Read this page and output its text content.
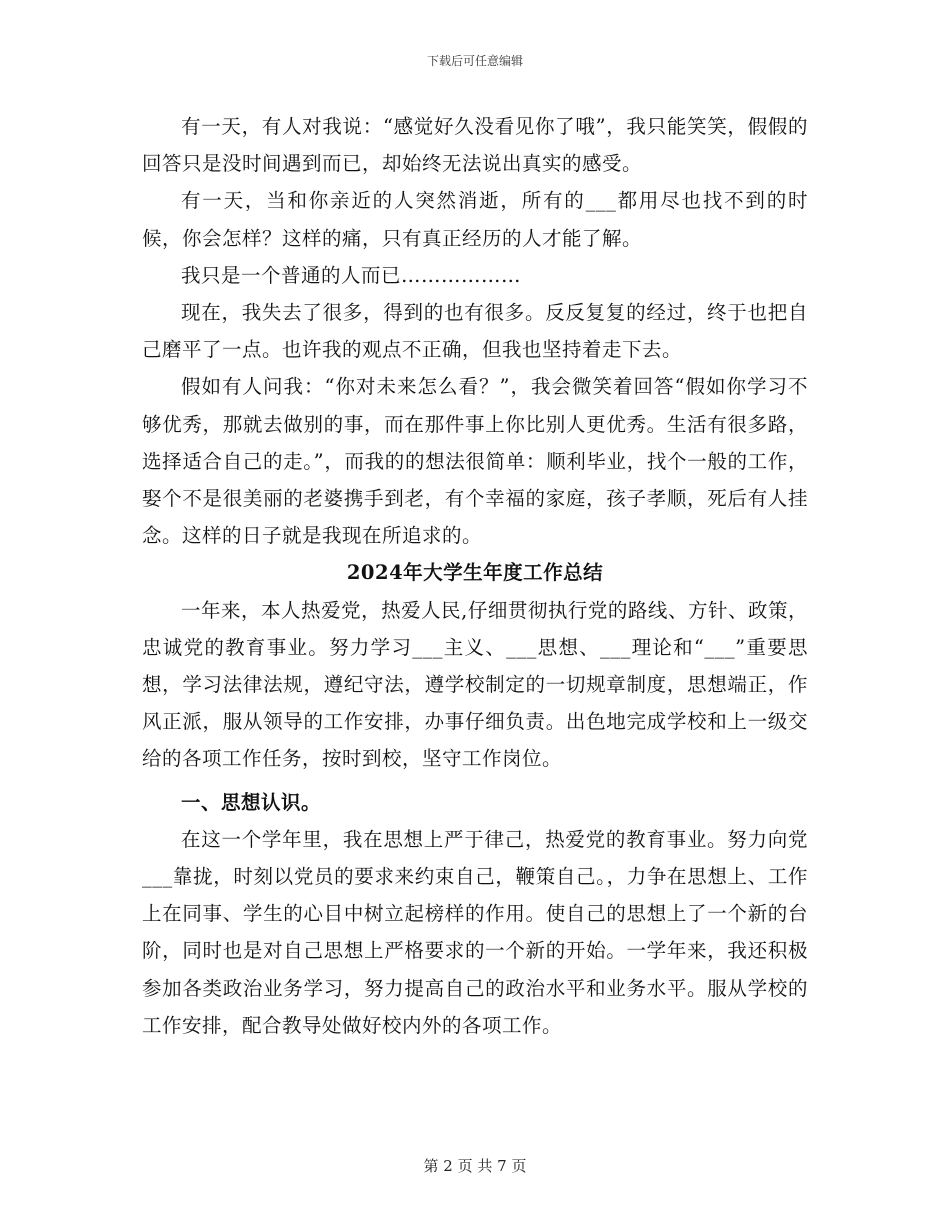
下载后可任意编辑

有一天，有人对我说：“感觉好久没看见你了哦”，我只能笑笑，假假的回答只是没时间遇到而已，却始终无法说出真实的感受。

有一天，当和你亲近的人突然消逝，所有的___都用尽也找不到的时候，你会怎样？这样的痛，只有真正经历的人才能了解。

我只是一个普通的人而已………………

现在，我失去了很多，得到的也有很多。反反复复的经过，终于也把自己磨平了一点。也许我的观点不正确，但我也坚持着走下去。

假如有人问我：“你对未来怎么看？”，我会微笑着回答“假如你学习不够优秀，那就去做别的事，而在那件事上你比别人更优秀。生活有很多路，选择适合自己的走。”，而我的的想法很简单：顺利毕业，找个一般的工作，娶个不是很美丽的老婆携手到老，有个幸福的家庭，孩子孝顺，死后有人挂念。这样的日子就是我现在所追求的。

2024年大学生年度工作总结

一年来，本人热爱党，热爱人民,仔细贯彻执行党的路线、方针、政策，忠诚党的教育事业。努力学习___主义、___思想、___理论和“___”重要思想，学习法律法规，遵纪守法，遵学校制定的一切规章制度，思想端正，作风正派，服从领导的工作安排，办事仔细负责。出色地完成学校和上一级交给的各项工作任务，按时到校，坚守工作岗位。

一、思想认识。

在这一个学年里，我在思想上严于律己，热爱党的教育事业。努力向党___靠拢，时刻以党员的要求来约束自己，鞭策自己。，力争在思想上、工作上在同事、学生的心目中树立起榜样的作用。使自己的思想上了一个新的台阶，同时也是对自己思想上严格要求的一个新的开始。一学年来，我还积极参加各类政治业务学习，努力提高自己的政治水平和业务水平。服从学校的工作安排，配合教导处做好校内外的各项工作。

第 2 页 共 7 页
